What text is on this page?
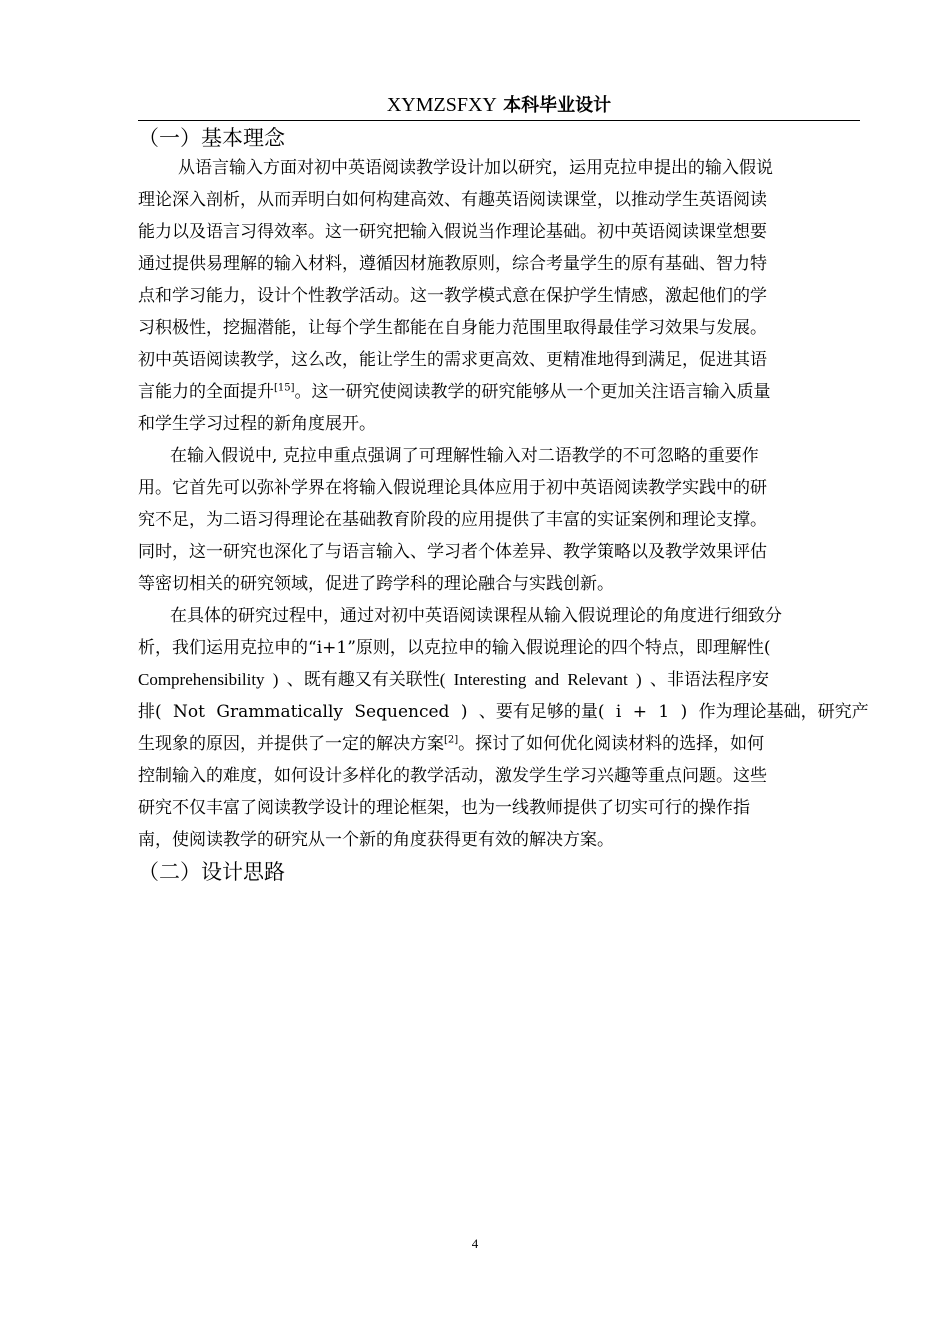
XYMZSFXY 本科毕业设计
（一）基本理念
从语言输入方面对初中英语阅读教学设计加以研究，运用克拉申提出的输入假说
理论深入剖析，从而弄明白如何构建高效、有趣英语阅读课堂，以推动学生英语阅读
能力以及语言习得效率。这一研究把输入假说当作理论基础。初中英语阅读课堂想要
通过提供易理解的输入材料，遵循因材施教原则，综合考量学生的原有基础、智力特
点和学习能力，设计个性教学活动。这一教学模式意在保护学生情感，激起他们的学
习积极性，挖掘潜能，让每个学生都能在自身能力范围里取得最佳学习效果与发展。
初中英语阅读教学，这么改，能让学生的需求更高效、更精准地得到满足，促进其语
言能力的全面提升[15]。这一研究使阅读教学的研究能够从一个更加关注语言输入质量
和学生学习过程的新角度展开。
在输入假说中, 克拉申重点强调了可理解性输入对二语教学的不可忽略的重要作
用。它首先可以弥补学界在将输入假说理论具体应用于初中英语阅读教学实践中的研
究不足，为二语习得理论在基础教育阶段的应用提供了丰富的实证案例和理论支撑。
同时，这一研究也深化了与语言输入、学习者个体差异、教学策略以及教学效果评估
等密切相关的研究领域，促进了跨学科的理论融合与实践创新。
在具体的研究过程中，通过对初中英语阅读课程从输入假说理论的角度进行细致分
析，我们运用克拉申的“i+1”原则，以克拉申的输入假说理论的四个特点，即理解性(
Comprehensibility ) 、既有趣又有关联性( Interesting and Relevant ) 、非语法程序安
排( Not Grammatically Sequenced ) 、要有足够的量( i + 1 ) 作为理论基础，研究产
生现象的原因，并提供了一定的解决方案[2]。探讨了如何优化阅读材料的选择，如何
控制输入的难度，如何设计多样化的教学活动，激发学生学习兴趣等重点问题。这些
研究不仅丰富了阅读教学设计的理论框架，也为一线教师提供了切实可行的操作指
南，使阅读教学的研究从一个新的角度获得更有效的解决方案。
（二）设计思路
4
